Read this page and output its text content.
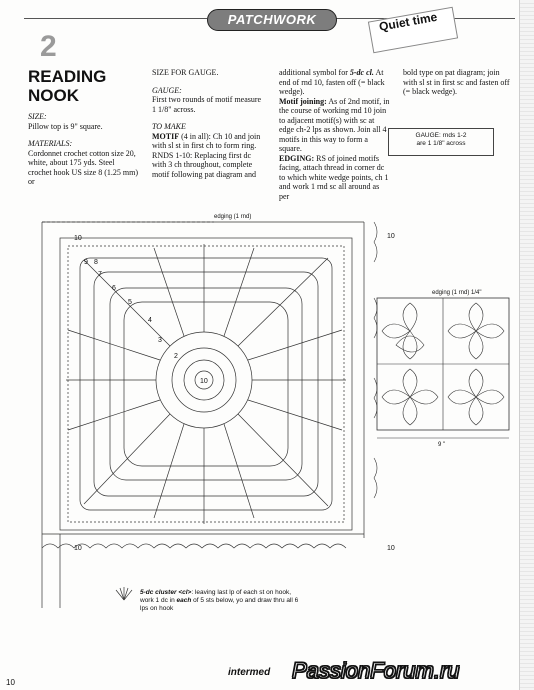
PATCHWORK	Quiet time
2
READING
NOOK
SIZE:
Pillow top is 9" square.
MATERIALS:
Cordonnet crochet cotton size 20, white, about 175 yds. Steel crochet hook US size 8 (1.25 mm) or
SIZE FOR GAUGE.
GAUGE:
First two rounds of motif measure 1 1/8" across.
TO MAKE
MOTIF (4 in all): Ch 10 and join with sl st in first ch to form ring. RNDS 1-10: Replacing first dc with 3 ch throughout, complete motif following pat diagram and
additional symbol for 5-dc cl. At end of rnd 10, fasten off (= black wedge).
Motif joining: As of 2nd motif, in the course of working rnd 10 join to adjacent motif(s) with sc at edge ch-2 lps as shown. Join all 4 motifs in this way to form a square.
EDGING: RS of joined motifs facing, attach thread in corner dc to which white wedge points, ch 1 and work 1 rnd sc all around as per
bold type on pat diagram; join with sl st in first sc and fasten off (= black wedge).
GAUGE: rnds 1-2
are 1 1/8" across
10	10
10	10
10
9 8
7
6
5
4
3
2
edging (1 rnd)
9 "
edging (1 rnd) 1/4"
5-dc cluster <cl>: leaving last lp of each st on hook, work 1 dc in each of 5 sts below, yo and draw thru all 6 lps on hook
10
intermed PassionForum.ru
